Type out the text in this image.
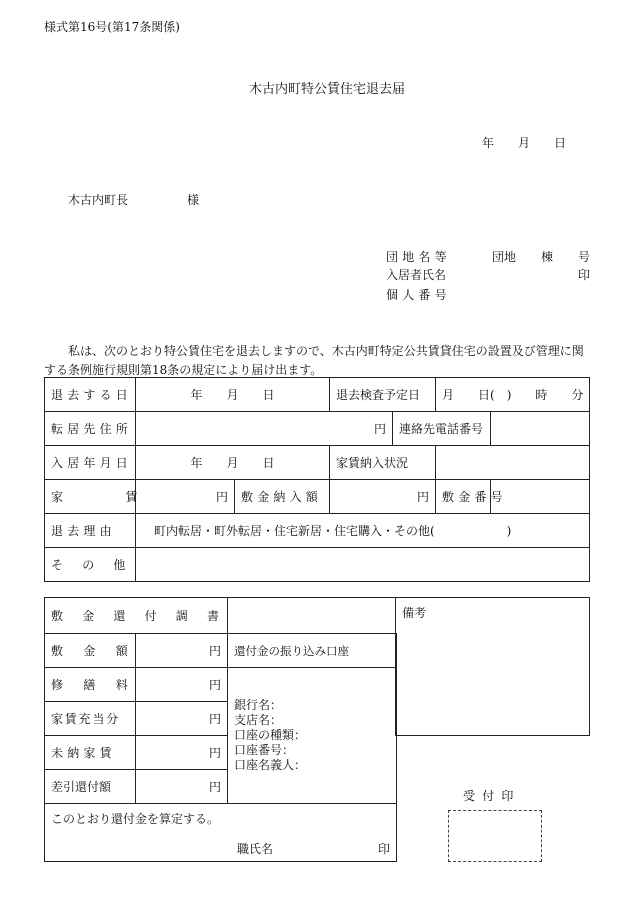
様式第16号(第17条関係)
木古内町特公賃住宅退去届
年 月 日
木古内町長	様
団地名等	団地 棟 号
入居者氏名	印
個人番号
私は、次のとおり特公賃住宅を退去しますので、木古内町特定公共賃貸住宅の設置及び管理に関する条例施行規則第18条の規定により届け出ます。
退去する日	年　　月　　日		退去検査予定日		月　　日(　)　　時　　分	
転居先住所	円			連絡先電話番号		
入居年月日	年　　月　　日		家賃納入状況			
家賃	円	敷金納入額	円		敷金番号	
退去理由	町内転居・町外転居・住宅新居・住宅購入・その他(　　　　　　)					
その他						
敷金還付調書		
敷金額	円	還付金の振り込み口座
修繕料	円	銀行名：
支店名：
口座の種類：
口座番号：
口座名義人：

家賃充当分	円	
未納家賃	円	
差引還付額	円	

このとおり還付金を算定する。
職氏名 印		
備考
受付印
